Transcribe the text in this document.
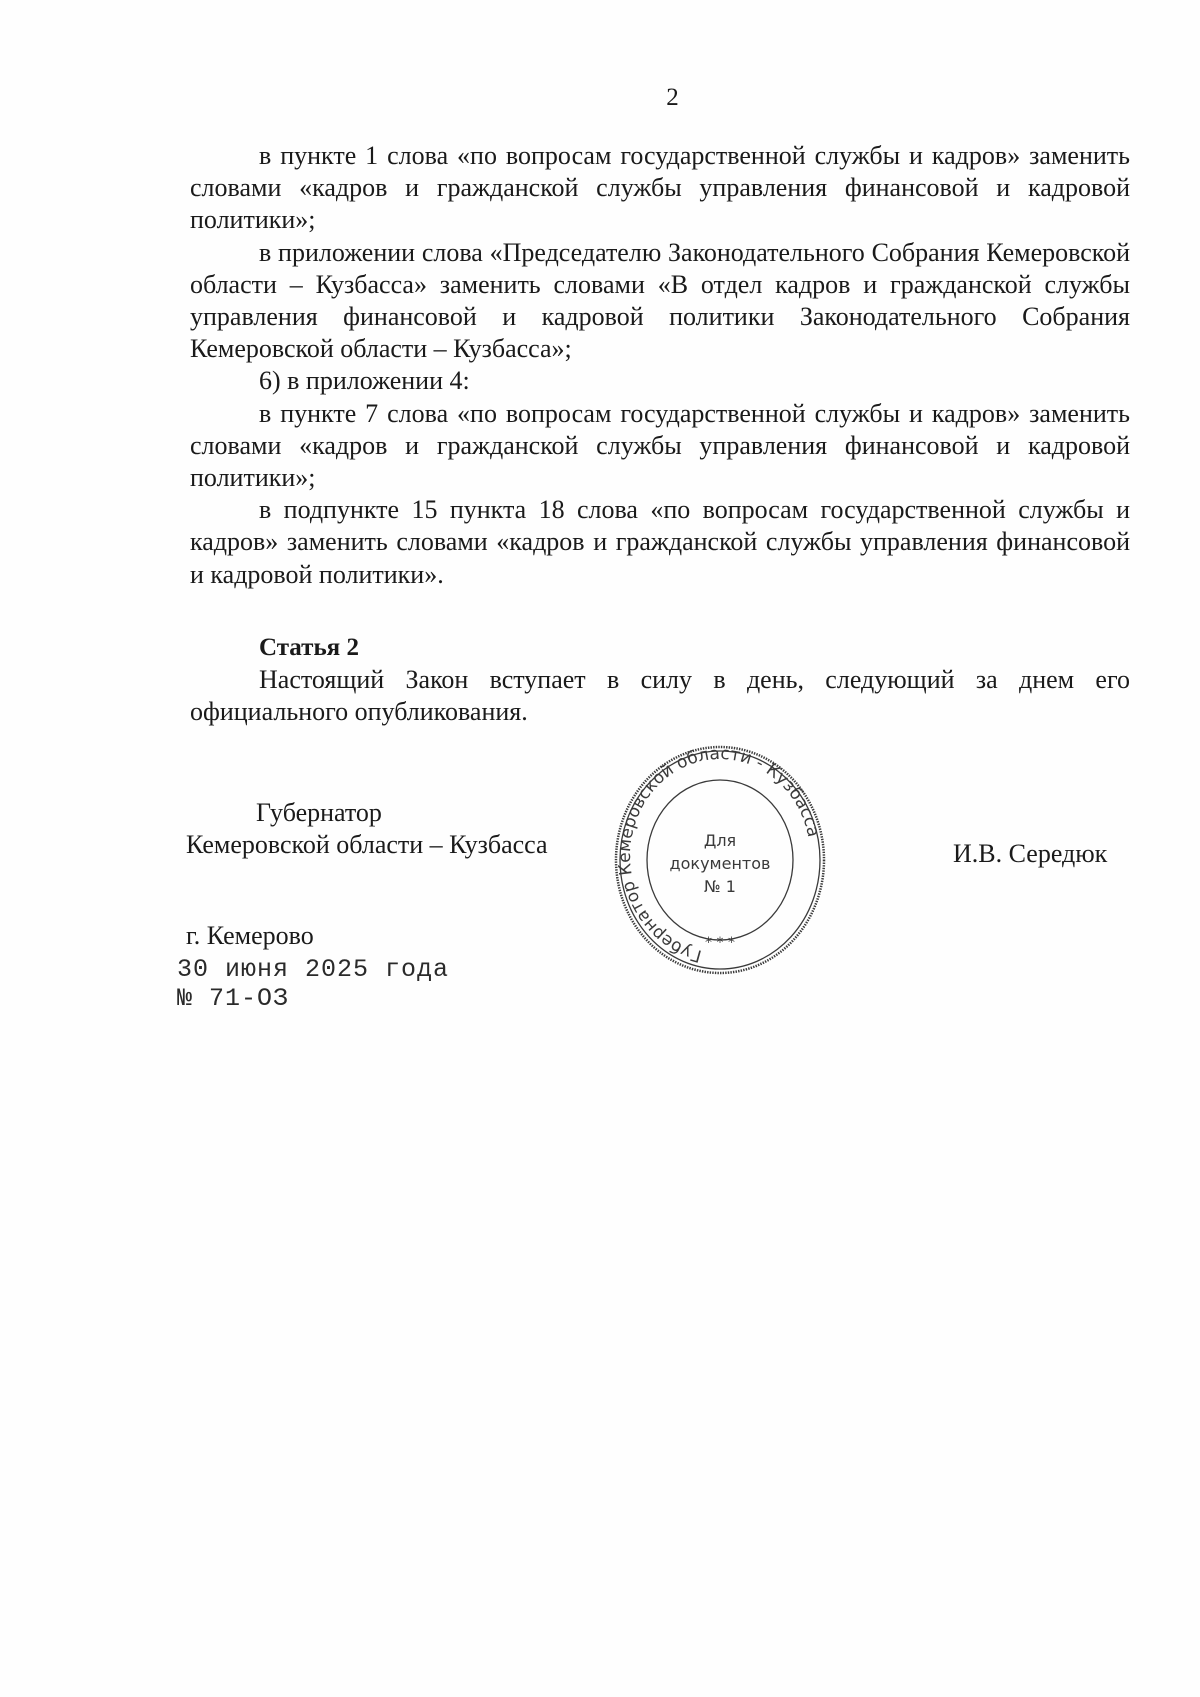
2

в пункте 1 слова «по вопросам государственной службы и кадров» заменить словами «кадров и гражданской службы управления финансовой и кадровой политики»;

в приложении слова «Председателю Законодательного Собрания Кемеровской области – Кузбасса» заменить словами «В отдел кадров и гражданской службы управления финансовой и кадровой политики Законодательного Собрания Кемеровской области – Кузбасса»;

6) в приложении 4:

в пункте 7 слова «по вопросам государственной службы и кадров» заменить словами «кадров и гражданской службы управления финансовой и кадровой политики»;

в подпункте 15 пункта 18 слова «по вопросам государственной службы и кадров» заменить словами «кадров и гражданской службы управления финансовой и кадровой политики».

Статья 2

Настоящий Закон вступает в силу в день, следующий за днем его официального опубликования.

Губернатор
Кемеровской области – Кузбасса	И.В. Середюк
г. Кемерово
30 июня 2025 года
№ 71-ОЗ
Губернатор Кемеровской области - Кузбасса
Для
документов
№ 1
* * *
